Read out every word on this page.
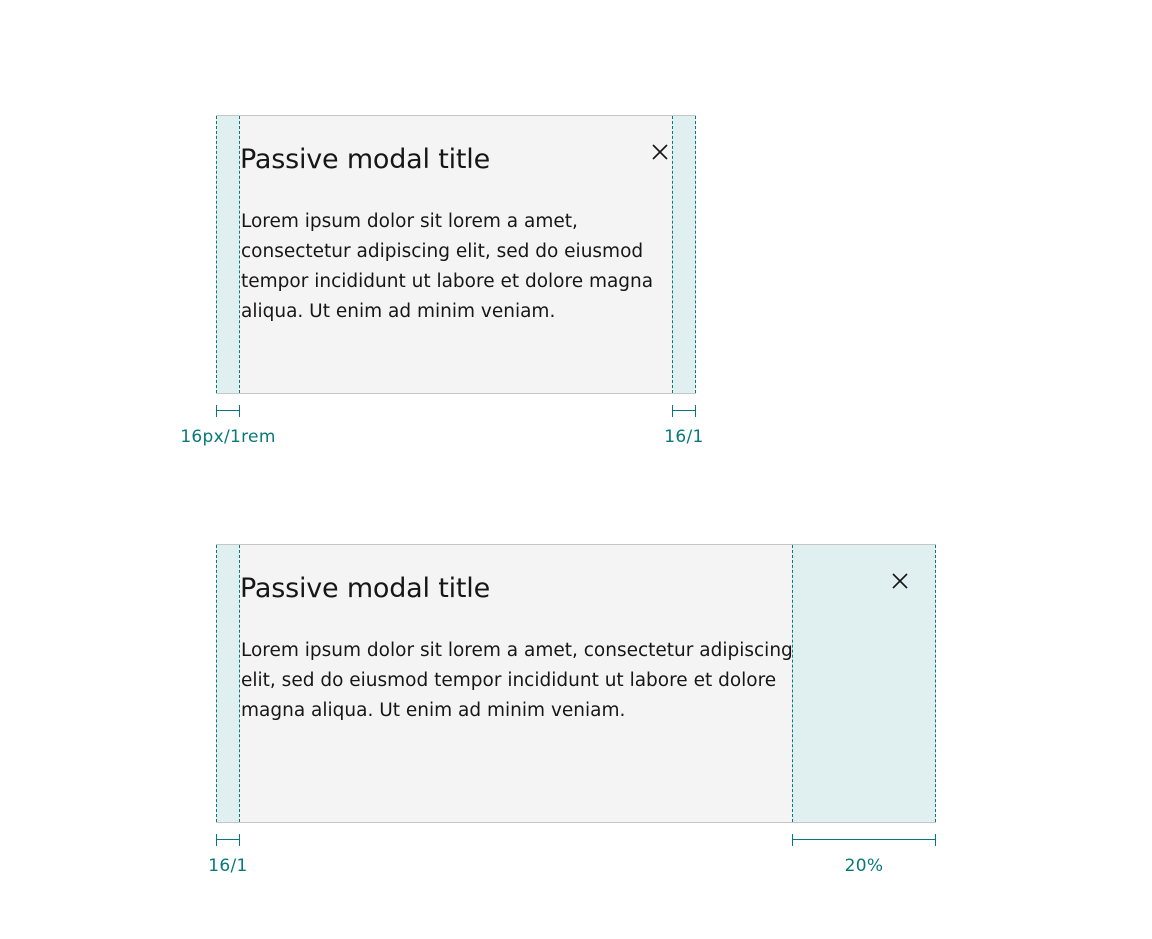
Passive modal title
Lorem ipsum dolor sit lorem a amet, consectetur adipiscing elit, sed do eiusmod tempor incididunt ut labore et dolore magna aliqua. Ut enim ad minim veniam.
16px/1rem	16/1
Passive modal title
Lorem ipsum dolor sit lorem a amet, consectetur adipiscing elit, sed do eiusmod tempor incididunt ut labore et dolore magna aliqua. Ut enim ad minim veniam.
16/1	20%
